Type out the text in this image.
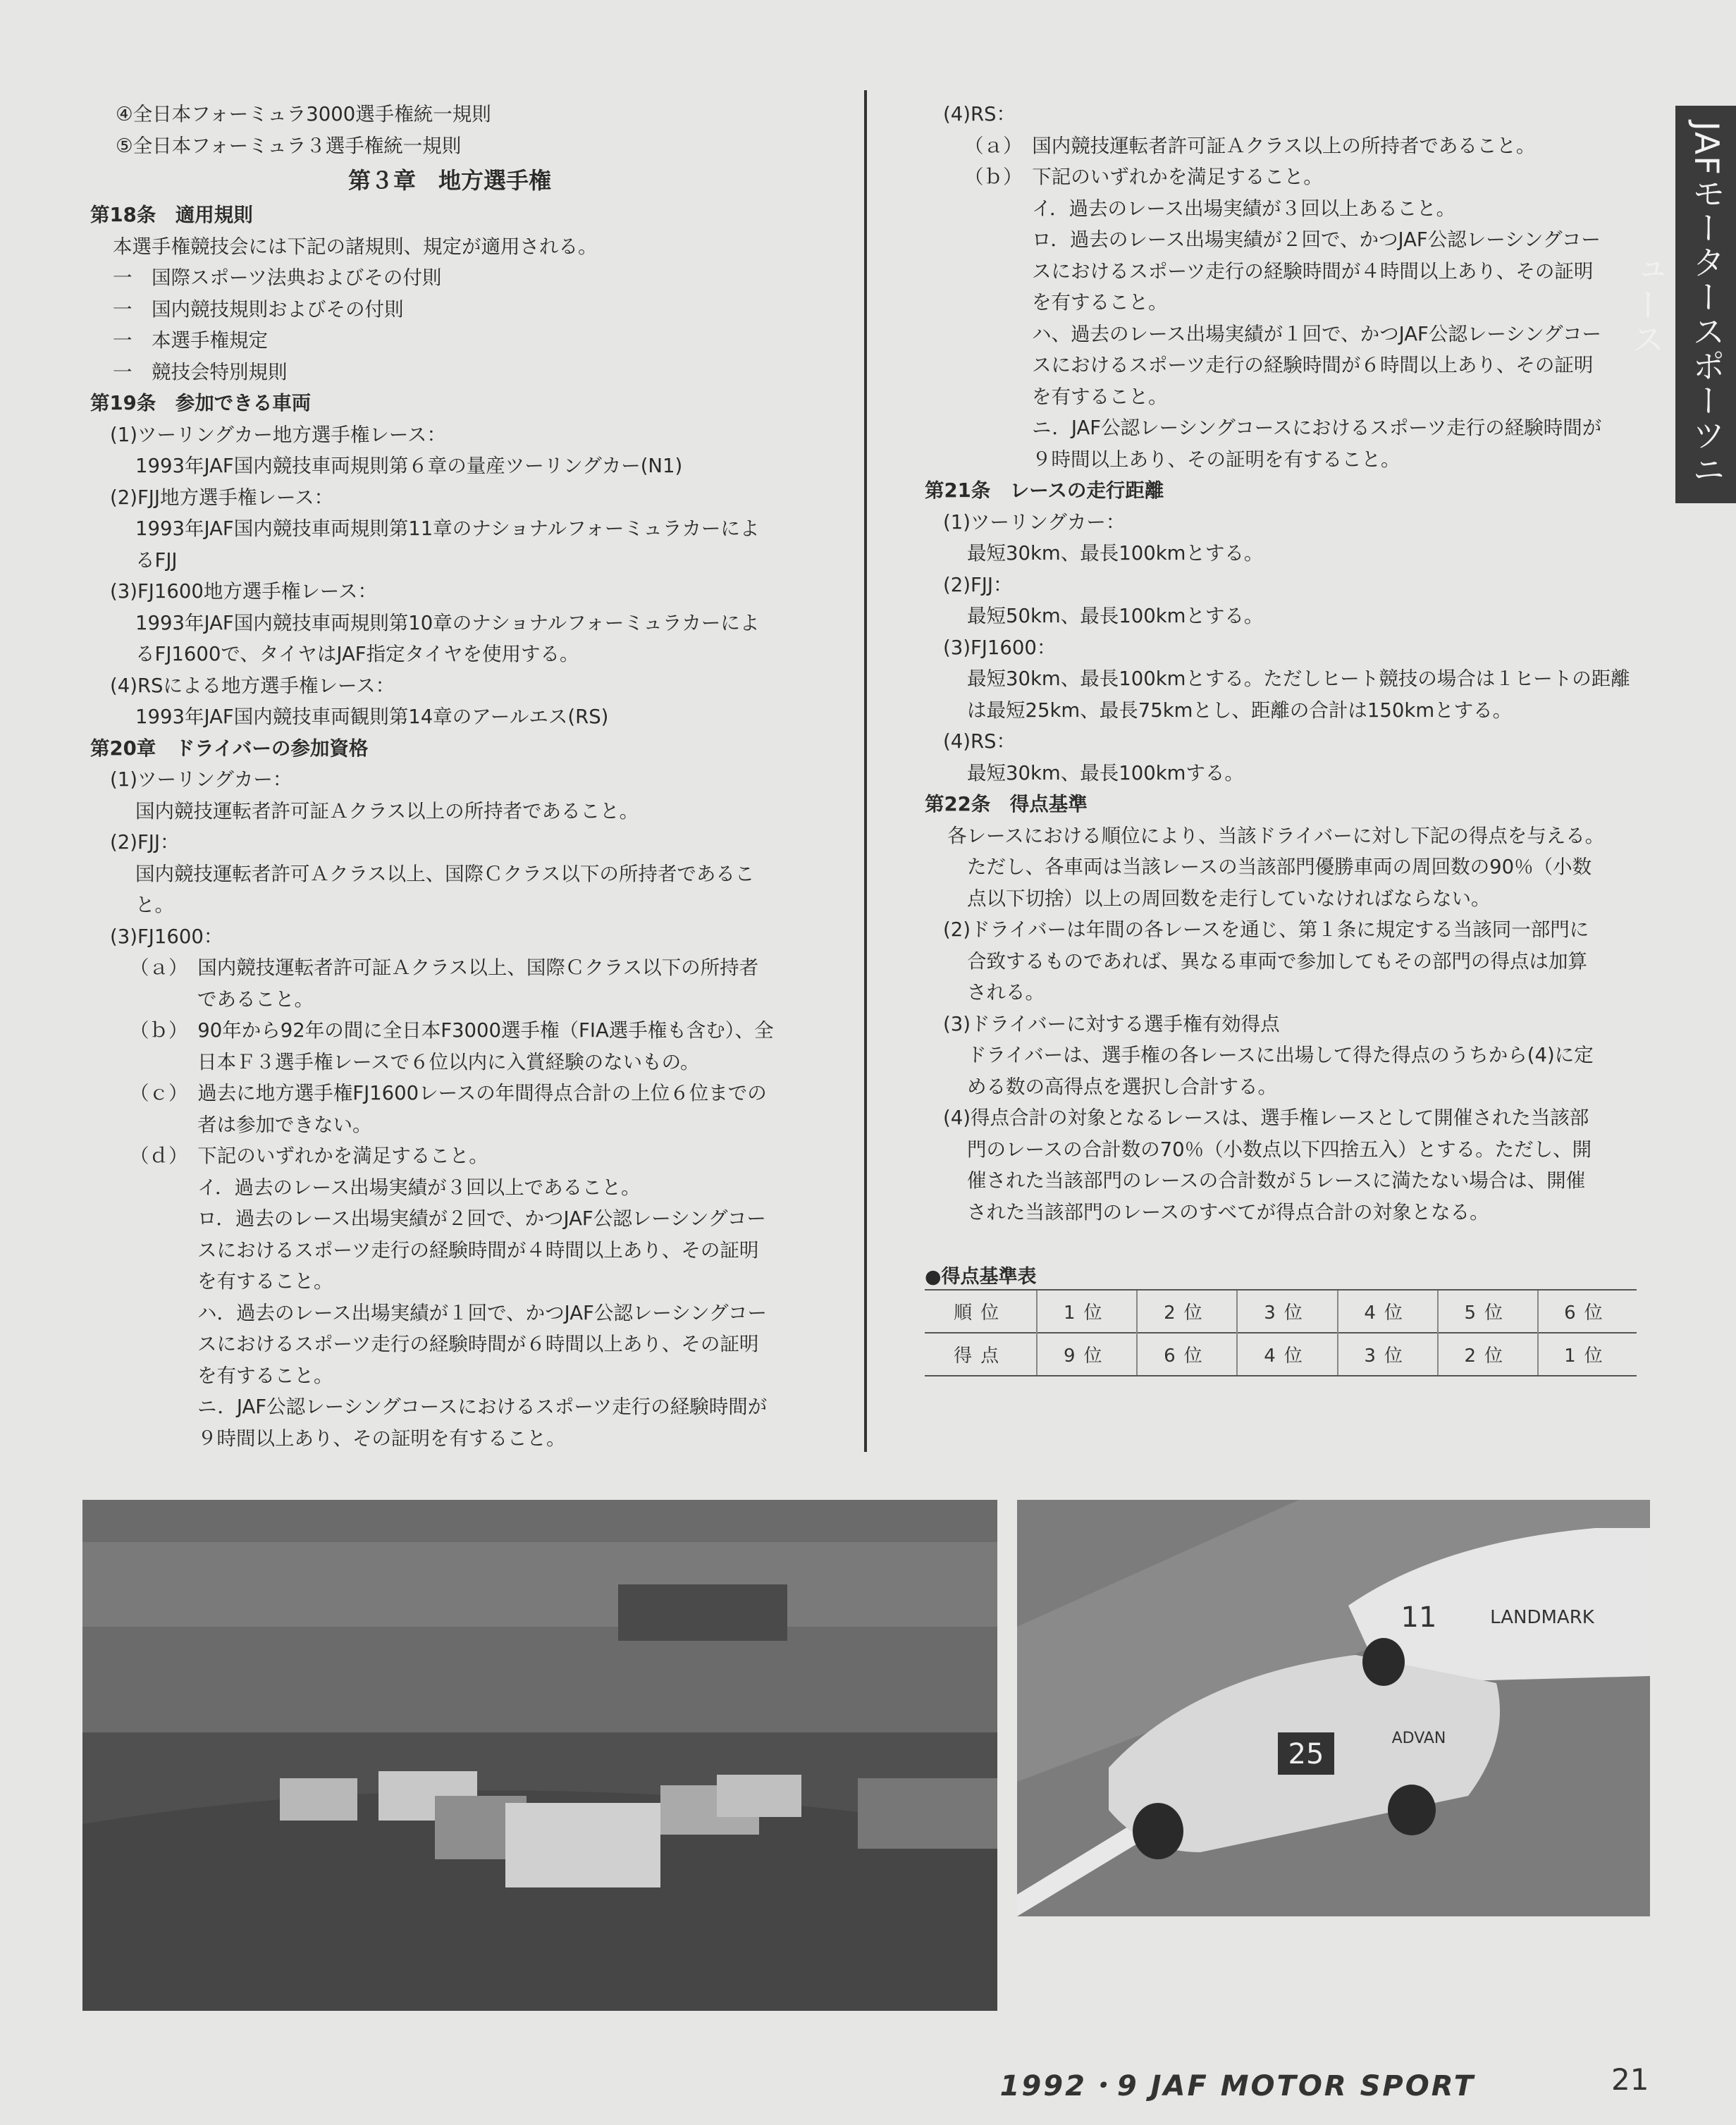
④全日本フォーミュラ3000選手権統一規則
⑤全日本フォーミュラ３選手権統一規則
第３章　地方選手権
第18条　適用規則
本選手権競技会には下記の諸規則、規定が適用される。
一　国際スポーツ法典およびその付則
一　国内競技規則およびその付則
一　本選手権規定
一　競技会特別規則
第19条　参加できる車両
(1)ツーリングカー地方選手権レース：
1993年JAF国内競技車両規則第６章の量産ツーリングカー(N1)
(2)FJJ地方選手権レース：
1993年JAF国内競技車両規則第11章のナショナルフォーミュラカーによ
るFJJ
(3)FJ1600地方選手権レース：
1993年JAF国内競技車両規則第10章のナショナルフォーミュラカーによ
るFJ1600で、タイヤはJAF指定タイヤを使用する。
(4)RSによる地方選手権レース：
1993年JAF国内競技車両観則第14章のアールエス(RS)
第20章　ドライバーの参加資格
(1)ツーリングカー：
国内競技運転者許可証Ａクラス以上の所持者であること。
(2)FJJ：
国内競技運転者許可Ａクラス以上、国際Ｃクラス以下の所持者であるこ
と。
(3)FJ1600：
（ａ）　国内競技運転者許可証Ａクラス以上、国際Ｃクラス以下の所持者
であること。
（ｂ）　90年から92年の間に全日本F3000選手権（FIA選手権も含む）、全
日本Ｆ３選手権レースで６位以内に入賞経験のないもの。
（ｃ）　過去に地方選手権FJ1600レースの年間得点合計の上位６位までの
者は参加できない。
（ｄ）　下記のいずれかを満足すること。
イ．過去のレース出場実績が３回以上であること。
ロ．過去のレース出場実績が２回で、かつJAF公認レーシングコー
スにおけるスポーツ走行の経験時間が４時間以上あり、その証明
を有すること。
ハ．過去のレース出場実績が１回で、かつJAF公認レーシングコー
スにおけるスポーツ走行の経験時間が６時間以上あり、その証明
を有すること。
ニ．JAF公認レーシングコースにおけるスポーツ走行の経験時間が
９時間以上あり、その証明を有すること。
(4)RS：
（ａ）　国内競技運転者許可証Ａクラス以上の所持者であること。
（ｂ）　下記のいずれかを満足すること。
イ．過去のレース出場実績が３回以上あること。
ロ．過去のレース出場実績が２回で、かつJAF公認レーシングコー
スにおけるスポーツ走行の経験時間が４時間以上あり、その証明
を有すること。
ハ、過去のレース出場実績が１回で、かつJAF公認レーシングコー
スにおけるスポーツ走行の経験時間が６時間以上あり、その証明
を有すること。
ニ．JAF公認レーシングコースにおけるスポーツ走行の経験時間が
９時間以上あり、その証明を有すること。
第21条　レースの走行距離
(1)ツーリングカー：
最短30km、最長100kmとする。
(2)FJJ：
最短50km、最長100kmとする。
(3)FJ1600：
最短30km、最長100kmとする。ただしヒート競技の場合は１ヒートの距離
は最短25km、最長75kmとし、距離の合計は150kmとする。
(4)RS：
最短30km、最長100kmする。
第22条　得点基準
各レースにおける順位により、当該ドライバーに対し下記の得点を与える。
ただし、各車両は当該レースの当該部門優勝車両の周回数の90％（小数
点以下切捨）以上の周回数を走行していなければならない。
(2)ドライバーは年間の各レースを通じ、第１条に規定する当該同一部門に
合致するものであれば、異なる車両で参加してもその部門の得点は加算
される。
(3)ドライバーに対する選手権有効得点
ドライバーは、選手権の各レースに出場して得た得点のうちから(4)に定
める数の高得点を選択し合計する。
(4)得点合計の対象となるレースは、選手権レースとして開催された当該部
門のレースの合計数の70％（小数点以下四捨五入）とする。ただし、開
催された当該部門のレースの合計数が５レースに満たない場合は、開催
された当該部門のレースのすべてが得点合計の対象となる。
JAFモータースポーツニュース
●得点基準表
順位	1位	2位	3位	4位	5位	6位
得点	9位	6位	4位	3位	2位	1位
25
11	LANDMARK
ADVAN
1992・9 JAF MOTOR SPORT	21
